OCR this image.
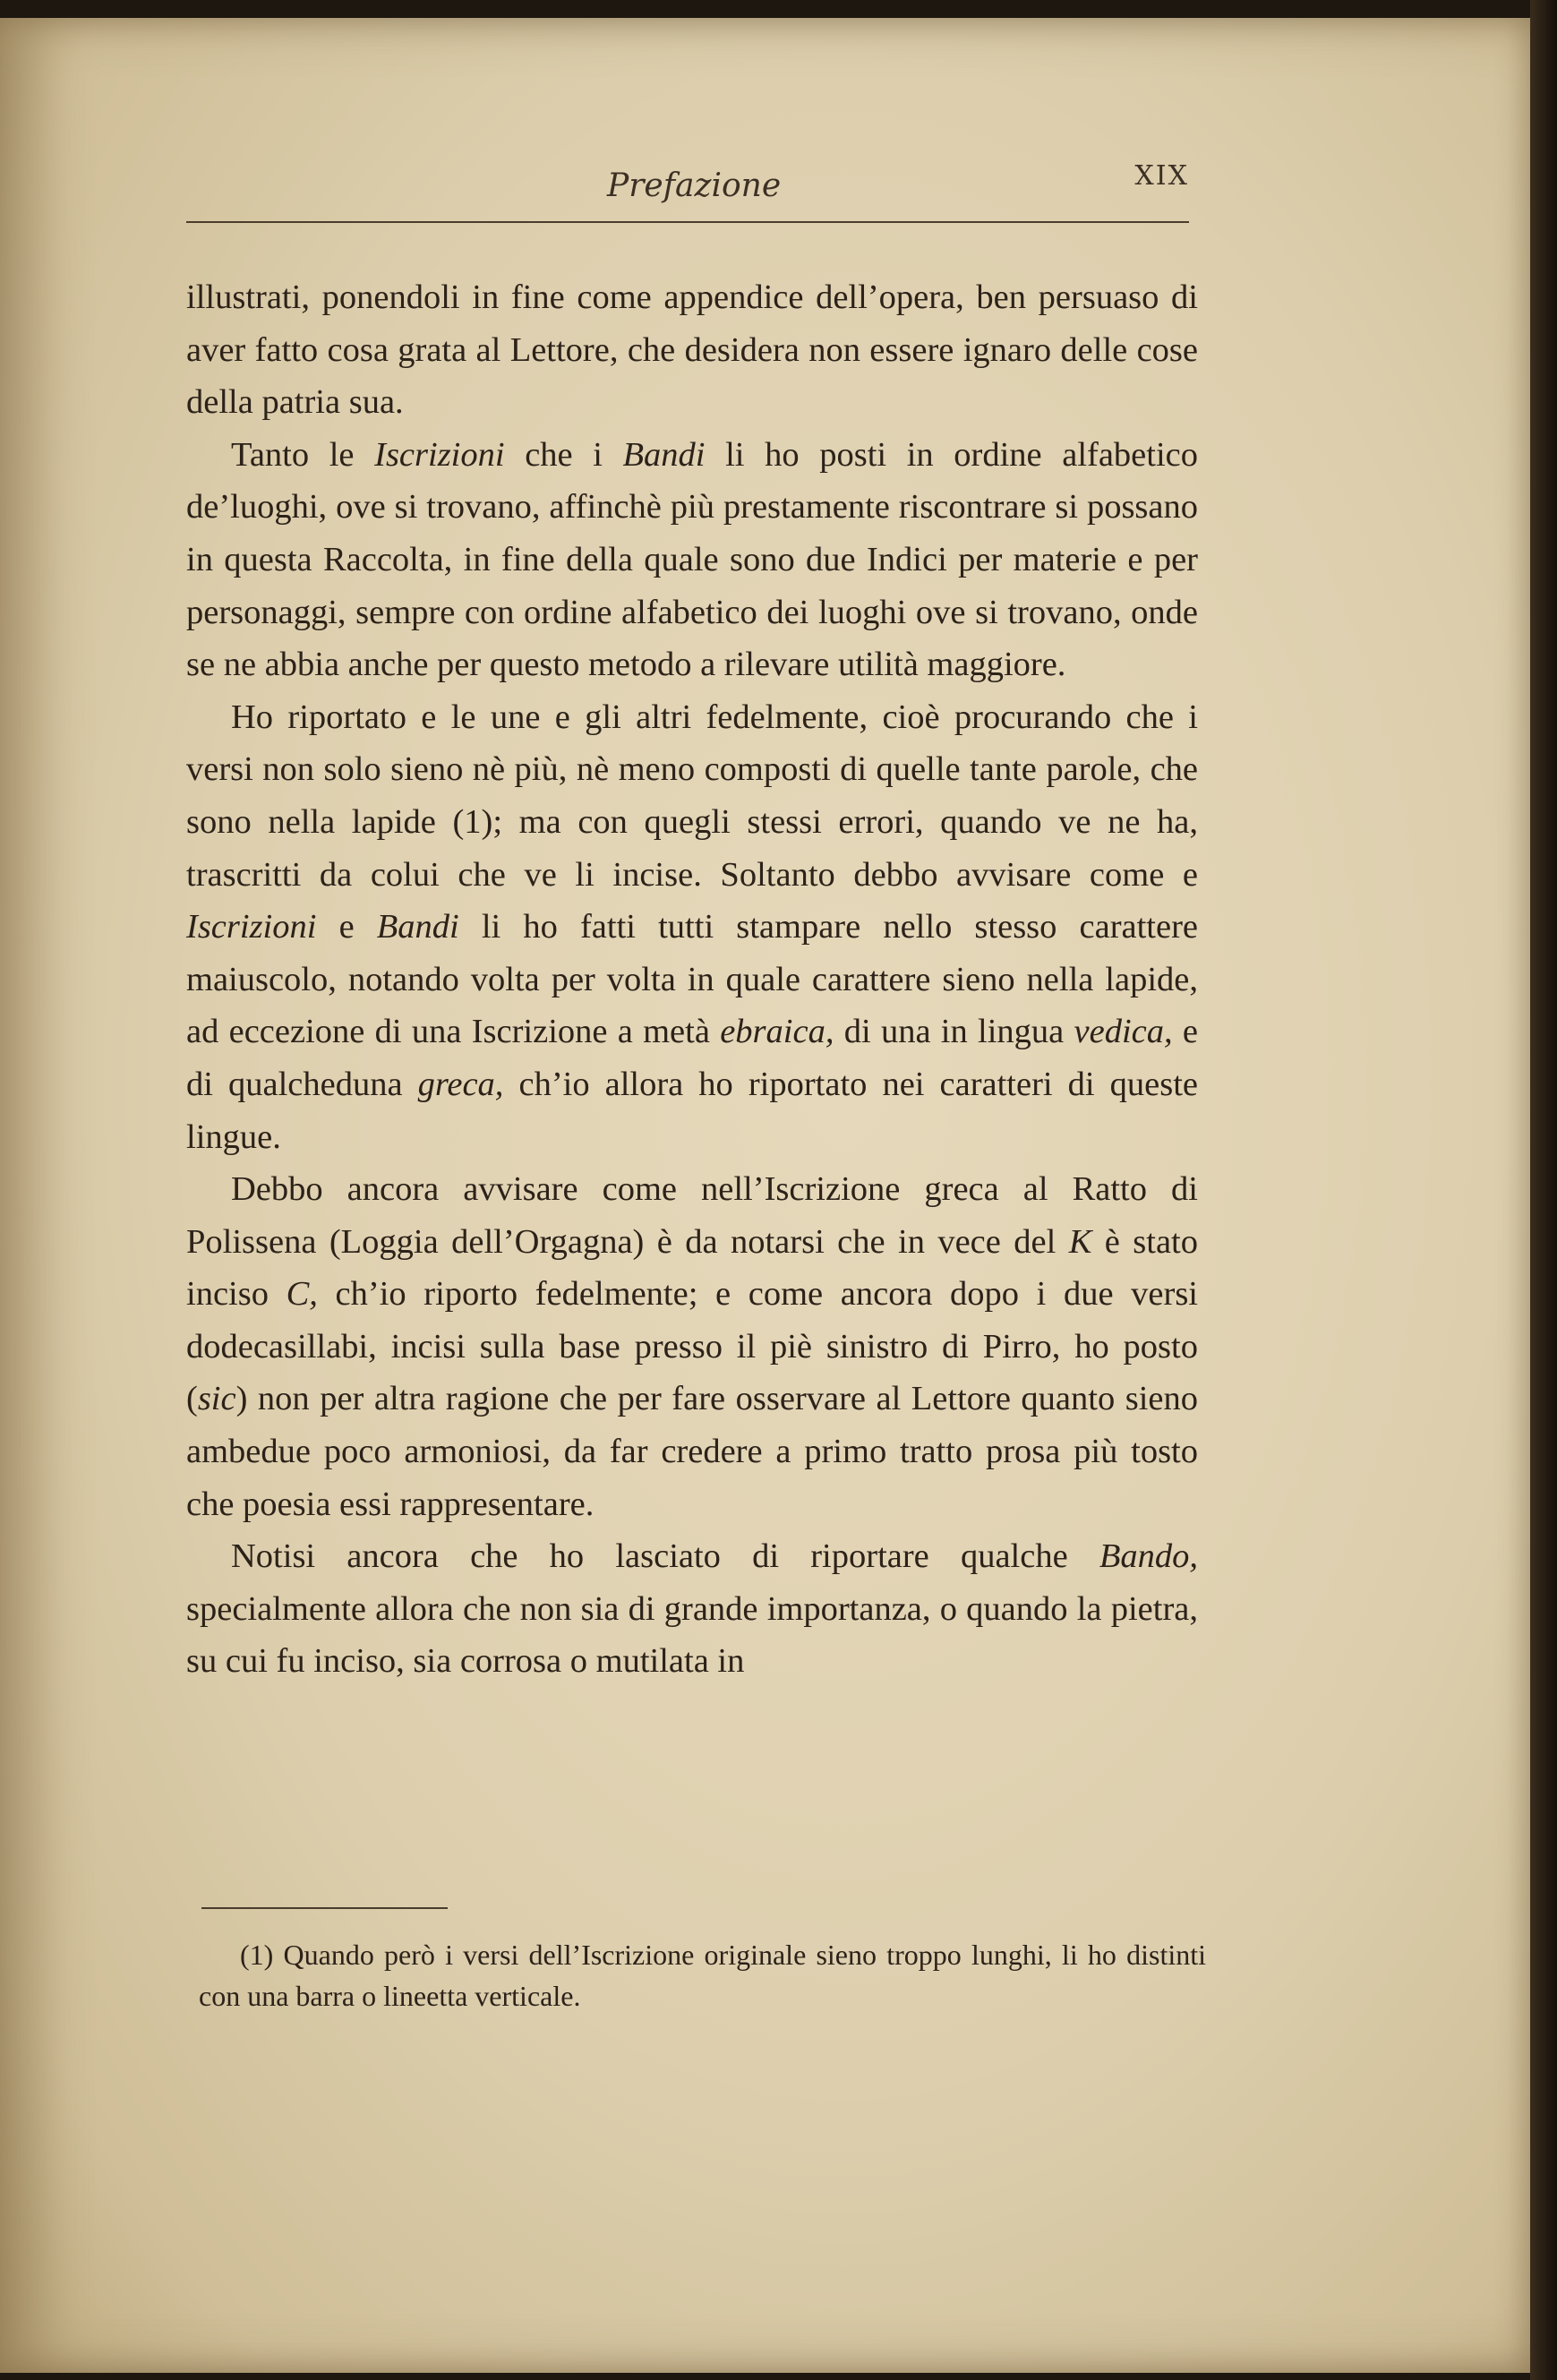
Prefazione	XIX

illustrati, ponendoli in fine come appendice dell’opera, ben persuaso di aver fatto cosa grata al Lettore, che desidera non essere ignaro delle cose della patria sua.

Tanto le Iscrizioni che i Bandi li ho posti in ordine alfabetico de’luoghi, ove si trovano, affinchè più prestamente riscontrare si possano in questa Raccolta, in fine della quale sono due Indici per materie e per personaggi, sempre con ordine alfabetico dei luoghi ove si trovano, onde se ne abbia anche per questo metodo a rilevare utilità maggiore.

Ho riportato e le une e gli altri fedelmente, cioè procurando che i versi non solo sieno nè più, nè meno composti di quelle tante parole, che sono nella lapide (1); ma con quegli stessi errori, quando ve ne ha, trascritti da colui che ve li incise. Soltanto debbo avvisare come e Iscrizioni e Bandi li ho fatti tutti stampare nello stesso carattere maiuscolo, notando volta per volta in quale carattere sieno nella lapide, ad eccezione di una Iscrizione a metà ebraica, di una in lingua vedica, e di qualcheduna greca, ch’io allora ho riportato nei caratteri di queste lingue.

Debbo ancora avvisare come nell’Iscrizione greca al Ratto di Polissena (Loggia dell’Orgagna) è da notarsi che in vece del K è stato inciso C, ch’io riporto fedelmente; e come ancora dopo i due versi dodecasillabi, incisi sulla base presso il piè sinistro di Pirro, ho posto (sic) non per altra ragione che per fare osservare al Lettore quanto sieno ambedue poco armoniosi, da far credere a primo tratto prosa più tosto che poesia essi rappresentare.

Notisi ancora che ho lasciato di riportare qualche Bando, specialmente allora che non sia di grande importanza, o quando la pietra, su cui fu inciso, sia corrosa o mutilata in

(1) Quando però i versi dell’Iscrizione originale sieno troppo lunghi, li ho distinti con una barra o lineetta verticale.
